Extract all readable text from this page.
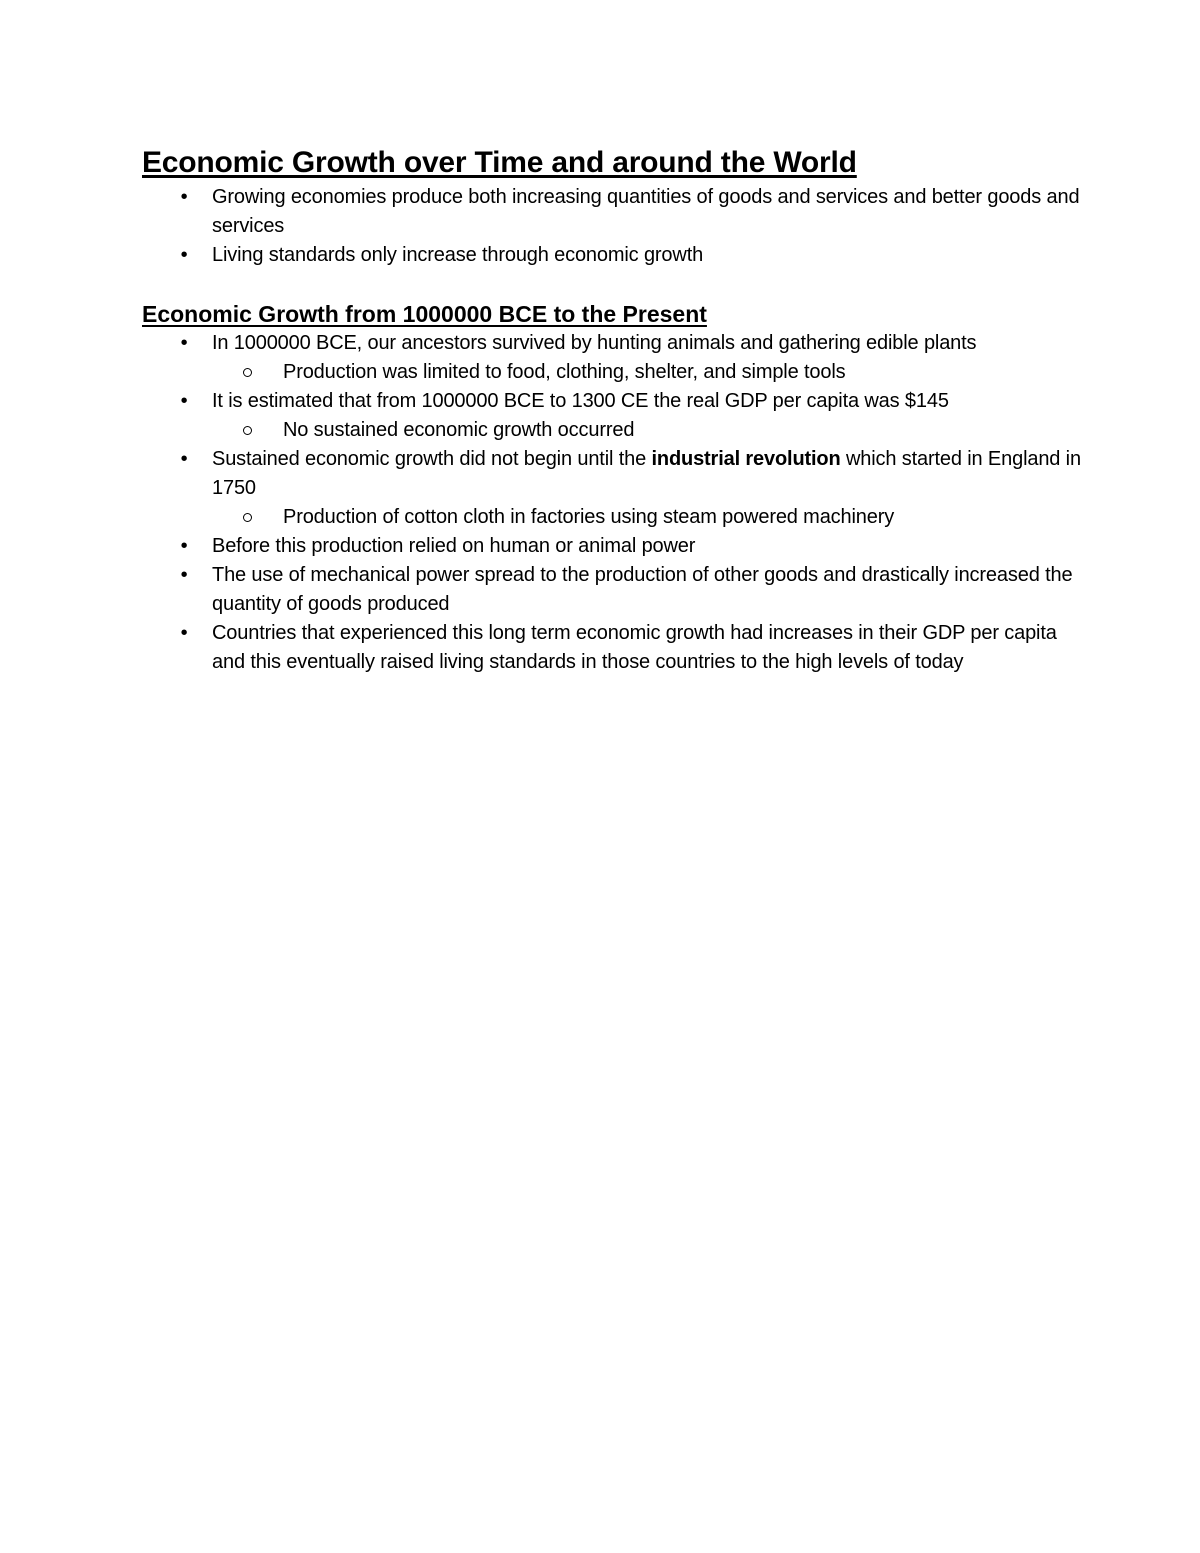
Economic Growth over Time and around the World
•	Growing economies produce both increasing quantities of goods and services and better goods and services
•	Living standards only increase through economic growth
Economic Growth from 1000000 BCE to the Present
•	In 1000000 BCE, our ancestors survived by hunting animals and gathering edible plants
Production was limited to food, clothing, shelter, and simple tools
•	It is estimated that from 1000000 BCE to 1300 CE the real GDP per capita was $145
No sustained economic growth occurred
•	Sustained economic growth did not begin until the industrial revolution which started in England in 1750
Production of cotton cloth in factories using steam powered machinery
•	Before this production relied on human or animal power
•	The use of mechanical power spread to the production of other goods and drastically increased the quantity of goods produced
•	Countries that experienced this long term economic growth had increases in their GDP per capita and this eventually raised living standards in those countries to the high levels of today
